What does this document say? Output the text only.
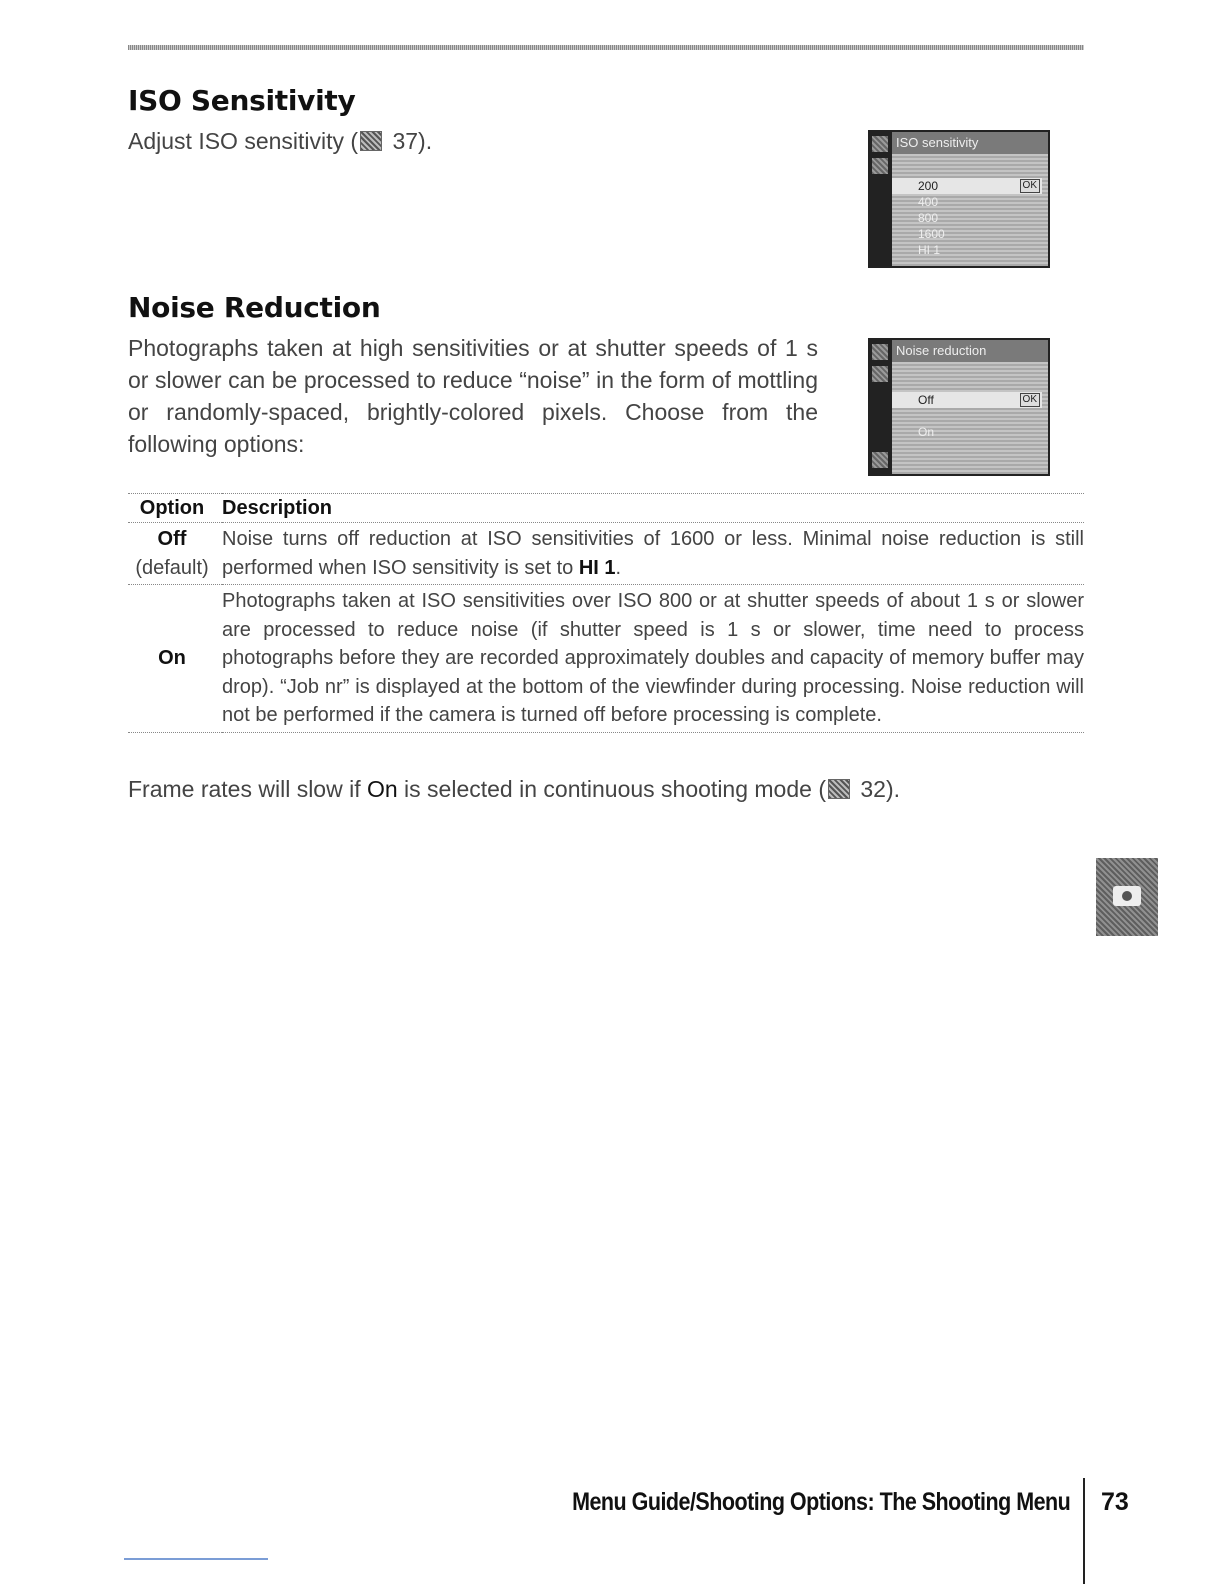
ISO Sensitivity

Adjust ISO sensitivity ( 37).	ISO sensitivity
200	OK
400
800
1600
HI 1
Noise Reduction

Photographs taken at high sensitivities or at shutter speeds of 1 s or slower can be processed to reduce “noise” in the form of mottling or randomly-spaced, brightly-colored pixels. Choose from the following options:

Noise reduction
Off	OK
On
Option	Description
Off
(default)	Noise turns off reduction at ISO sensitivities of 1600 or less. Minimal noise reduction is still performed when ISO sensitivity is set to HI 1.
On	Photographs taken at ISO sensitivities over ISO 800 or at shutter speeds of about 1 s or slower are processed to reduce noise (if shutter speed is 1 s or slower, time need to process photographs before they are recorded approximately doubles and capacity of memory buffer may drop). “Job nr” is displayed at the bottom of the viewfinder during processing. Noise reduction will not be performed if the camera is turned off before processing is complete.

Frame rates will slow if On is selected in continuous shooting mode ( 32).

Menu Guide/Shooting Options: The Shooting Menu 73
